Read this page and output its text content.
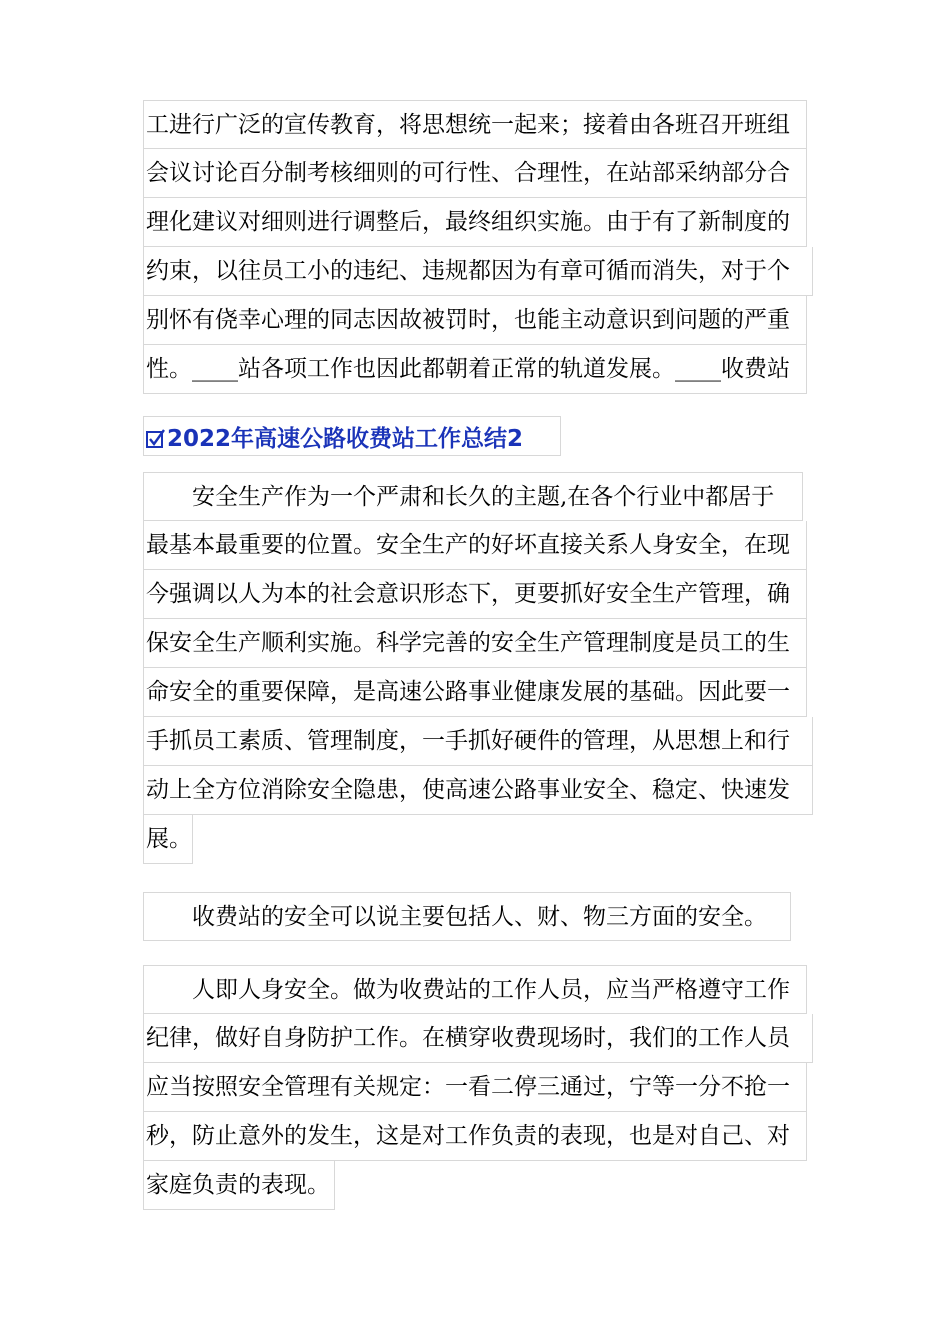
工进行广泛的宣传教育，将思想统一起来；接着由各班召开班组
会议讨论百分制考核细则的可行性、合理性，在站部采纳部分合
理化建议对细则进行调整后，最终组织实施。由于有了新制度的
约束，以往员工小的违纪、违规都因为有章可循而消失，对于个
别怀有侥幸心理的同志因故被罚时，也能主动意识到问题的严重
性。____站各项工作也因此都朝着正常的轨道发展。____收费站
2022年高速公路收费站工作总结2
安全生产作为一个严肃和长久的主题,在各个行业中都居于
最基本最重要的位置。安全生产的好坏直接关系人身安全，在现
今强调以人为本的社会意识形态下，更要抓好安全生产管理，确
保安全生产顺利实施。科学完善的安全生产管理制度是员工的生
命安全的重要保障，是高速公路事业健康发展的基础。因此要一
手抓员工素质、管理制度，一手抓好硬件的管理，从思想上和行
动上全方位消除安全隐患，使高速公路事业安全、稳定、快速发
展。
收费站的安全可以说主要包括人、财、物三方面的安全。
人即人身安全。做为收费站的工作人员，应当严格遵守工作
纪律，做好自身防护工作。在横穿收费现场时，我们的工作人员
应当按照安全管理有关规定：一看二停三通过，宁等一分不抢一
秒，防止意外的发生，这是对工作负责的表现，也是对自己、对
家庭负责的表现。
